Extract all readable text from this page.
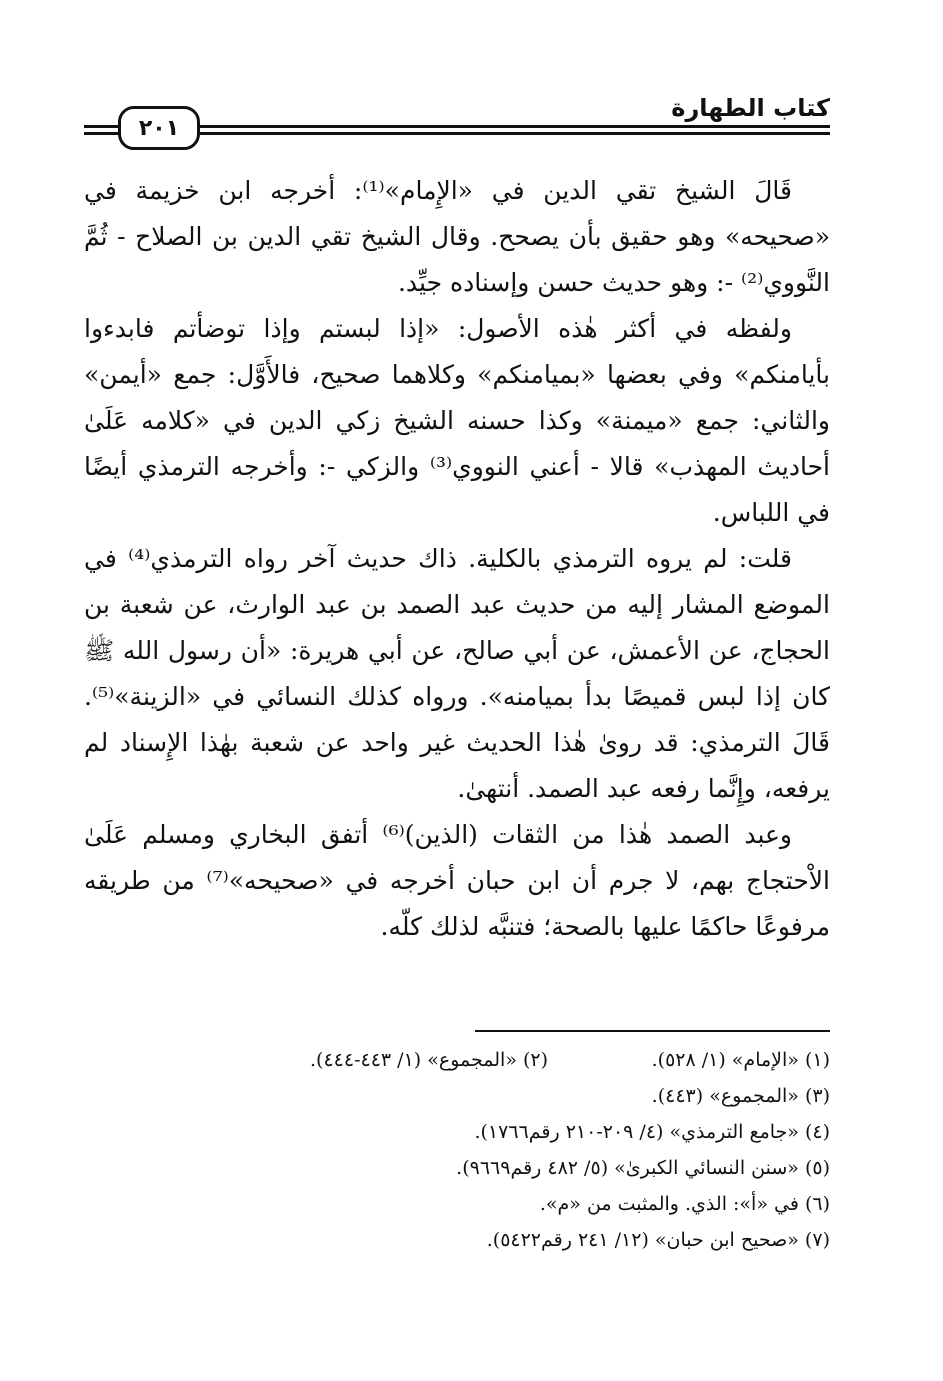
كتاب الطهارة
٢٠١

قَالَ الشيخ تقي الدين في «الإِمام»⁽¹⁾: أخرجه ابن خزيمة في «صحيحه» وهو حقيق بأن يصحح. وقال الشيخ تقي الدين بن الصلاح - ثُمَّ النَّووي⁽²⁾ -: وهو حديث حسن وإسناده جيِّد.

ولفظه في أكثر هٰذه الأصول: «إذا لبستم وإذا توضأتم فابدءوا بأيامنكم» وفي بعضها «بميامنكم» وكلاهما صحيح، فالأَوَّل: جمع «أيمن» والثاني: جمع «ميمنة» وكذا حسنه الشيخ زكي الدين في «كلامه عَلَىٰ أحاديث المهذب» قالا - أعني النووي⁽³⁾ والزكي -: وأخرجه الترمذي أيضًا في اللباس.

قلت: لم يروه الترمذي بالكلية. ذاك حديث آخر رواه الترمذي⁽⁴⁾ في الموضع المشار إليه من حديث عبد الصمد بن عبد الوارث، عن شعبة بن الحجاج، عن الأعمش، عن أبي صالح، عن أبي هريرة: «أن رسول الله ﷺ كان إذا لبس قميصًا بدأ بميامنه». ورواه كذلك النسائي في «الزينة»⁽⁵⁾. قَالَ الترمذي: قد روىٰ هٰذا الحديث غير واحد عن شعبة بهٰذا الإِسناد لم يرفعه، وإِنَّما رفعه عبد الصمد. أنتهىٰ.

وعبد الصمد هٰذا من الثقات (الذين)⁽⁶⁾ أتفق البخاري ومسلم عَلَىٰ الاْحتجاج بهم، لا جرم أن ابن حبان أخرجه في «صحيحه»⁽⁷⁾ من طريقه مرفوعًا حاكمًا عليها بالصحة؛ فتنبَّه لذلك كلّه.

(١) «الإمام» (١/ ٥٢٨).
(٢) «المجموع» (١/ ٤٤٣-٤٤٤).
(٣) «المجموع» (٤٤٣).
(٤) «جامع الترمذي» (٤/ ٢٠٩-٢١٠ رقم١٧٦٦).
(٥) «سنن النسائي الكبرىٰ» (٥/ ٤٨٢ رقم٩٦٦٩).
(٦) في «أ»: الذي. والمثبت من «م».
(٧) «صحيح ابن حبان» (١٢/ ٢٤١ رقم٥٤٢٢).
